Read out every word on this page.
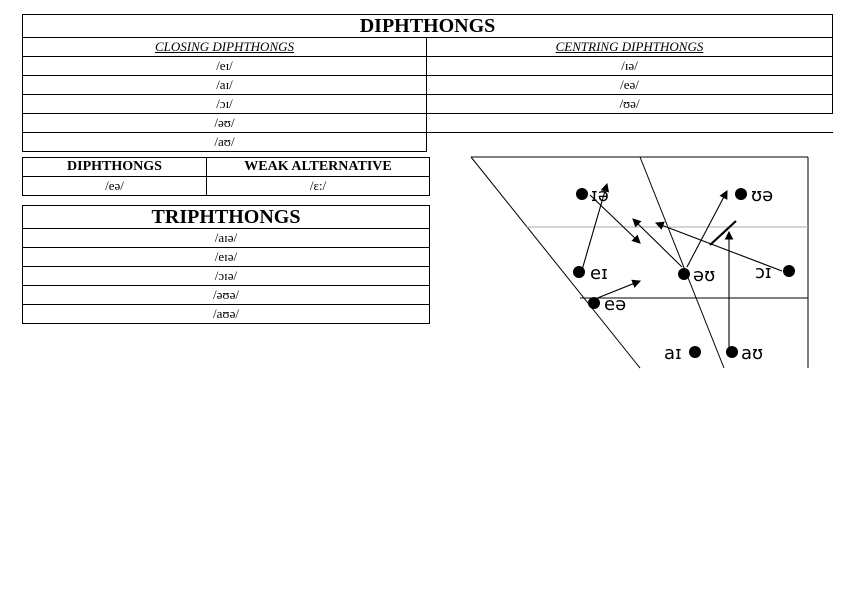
DIPHTHONGS	
CLOSING DIPHTHONGS	CENTRING DIPHTHONGS
/eɪ/	/ɪə/
/aɪ/	/eə/
/ɔɪ/	/ʊə/
/əʊ/	
/aʊ/	
DIPHTHONGS	WEAK ALTERNATIVE
/eə/	/ɛ:/
TRIPHTHONGS
/aɪə/
/eɪə/
/ɔɪə/
/əʊə/
/aʊə/
ɪə	ʊə
eɪ	əʊ ɔɪ
eə
aɪ	aʊ
